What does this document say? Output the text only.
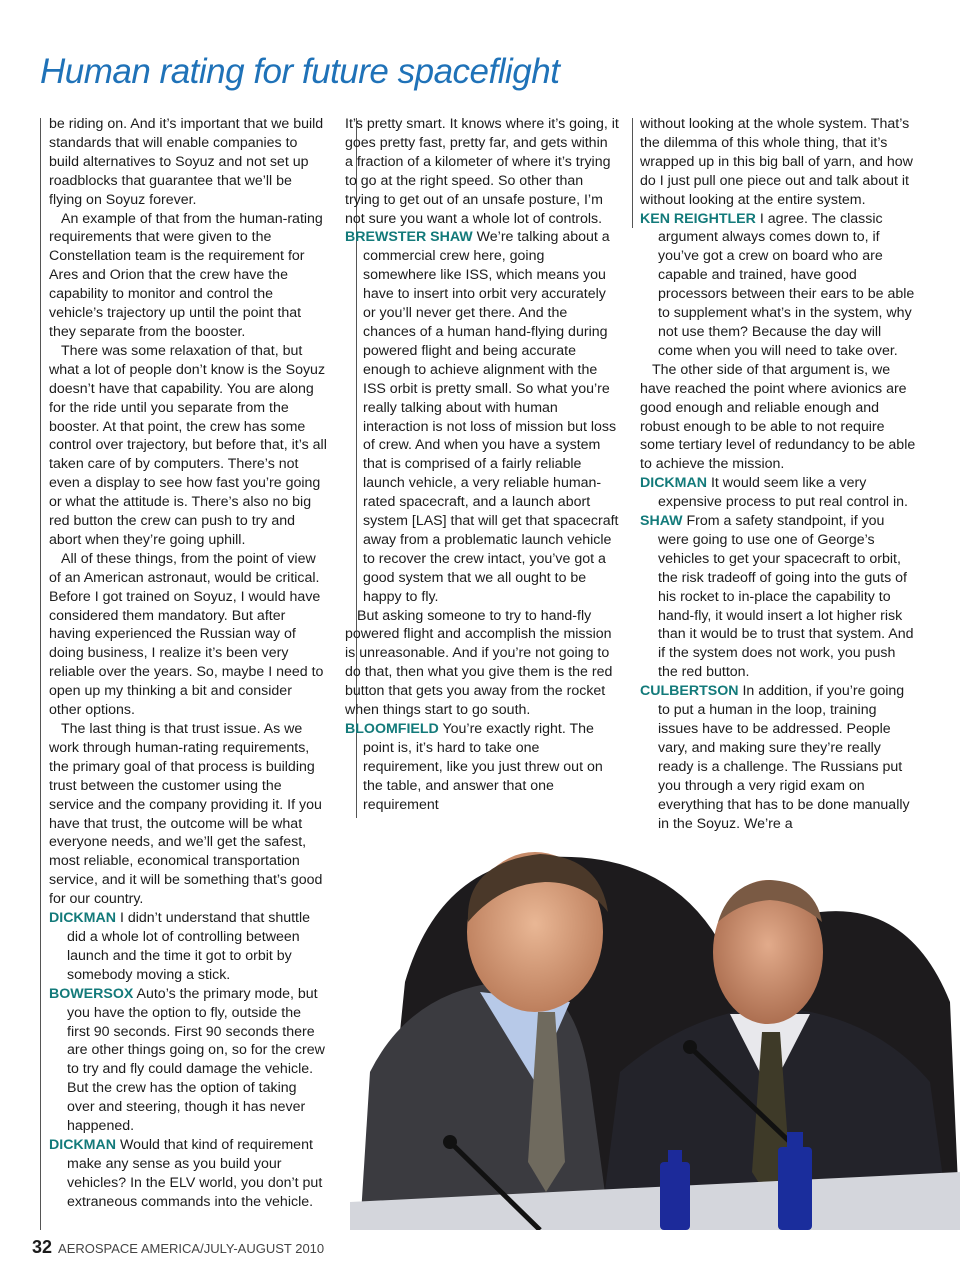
Human rating for future spaceflight

be riding on. And it’s important that we build standards that will enable companies to build alternatives to Soyuz and not set up roadblocks that guarantee that we’ll be flying on Soyuz forever.

An example of that from the human-rating requirements that were given to the Constellation team is the requirement for Ares and Orion that the crew have the capability to monitor and control the vehicle’s trajectory up until the point that they separate from the booster.

There was some relaxation of that, but what a lot of people don’t know is the Soyuz doesn’t have that capability. You are along for the ride until you separate from the booster. At that point, the crew has some control over trajectory, but before that, it’s all taken care of by computers. There’s not even a display to see how fast you’re going or what the attitude is. There’s also no big red button the crew can push to try and abort when they’re going uphill.

All of these things, from the point of view of an American astronaut, would be critical. Before I got trained on Soyuz, I would have considered them mandatory. But after having experienced the Russian way of doing business, I realize it’s been very reliable over the years. So, maybe I need to open up my thinking a bit and consider other options.

The last thing is that trust issue. As we work through human-rating requirements, the primary goal of that process is building trust between the customer using the service and the company providing it. If you have that trust, the outcome will be what everyone needs, and we’ll get the safest, most reliable, economical transportation service, and it will be something that’s good for our country.

DICKMAN I didn’t understand that shuttle did a whole lot of controlling between launch and the time it got to orbit by somebody moving a stick.

BOWERSOX Auto’s the primary mode, but you have the option to fly, outside the first 90 seconds. First 90 seconds there are other things going on, so for the crew to try and fly could damage the vehicle. But the crew has the option of taking over and steering, though it has never happened.

DICKMAN Would that kind of requirement make any sense as you build your vehicles? In the ELV world, you don’t put extraneous commands into the vehicle.

It’s pretty smart. It knows where it’s going, it goes pretty fast, pretty far, and gets within a fraction of a kilometer of where it’s trying to go at the right speed. So other than trying to get out of an unsafe posture, I’m not sure you want a whole lot of controls.

BREWSTER SHAW We’re talking about a commercial crew here, going somewhere like ISS, which means you have to insert into orbit very accurately or you’ll never get there. And the chances of a human hand-flying during powered flight and being accurate enough to achieve alignment with the ISS orbit is pretty small. So what you’re really talking about with human interaction is not loss of mission but loss of crew. And when you have a system that is comprised of a fairly reliable launch vehicle, a very reliable human-rated spacecraft, and a launch abort system [LAS] that will get that spacecraft away from a problematic launch vehicle to recover the crew intact, you’ve got a good system that we all ought to be happy to fly.

But asking someone to try to hand-fly powered flight and accomplish the mission is unreasonable. And if you’re not going to do that, then what you give them is the red button that gets you away from the rocket when things start to go south.

BLOOMFIELD You’re exactly right. The point is, it’s hard to take one requirement, like you just threw out on the table, and answer that one requirement

without looking at the whole system. That’s the dilemma of this whole thing, that it’s wrapped up in this big ball of yarn, and how do I just pull one piece out and talk about it without looking at the entire system.

KEN REIGHTLER I agree. The classic argument always comes down to, if you’ve got a crew on board who are capable and trained, have good processors between their ears to be able to supplement what’s in the system, why not use them? Because the day will come when you will need to take over.

The other side of that argument is, we have reached the point where avionics are good enough and reliable enough and robust enough to be able to not require some tertiary level of redundancy to be able to achieve the mission.

DICKMAN It would seem like a very expensive process to put real control in.

SHAW From a safety standpoint, if you were going to use one of George’s vehicles to get your spacecraft to orbit, the risk tradeoff of going into the guts of his rocket to in-place the capability to hand-fly, it would insert a lot higher risk than it would be to trust that system. And if the system does not work, you push the red button.

CULBERTSON In addition, if you’re going to put a human in the loop, training issues have to be addressed. People vary, and making sure they’re really ready is a challenge. The Russians put you through a very rigid exam on everything that has to be done manually in the Soyuz. We’re a

32 AEROSPACE AMERICA/JULY-AUGUST 2010
